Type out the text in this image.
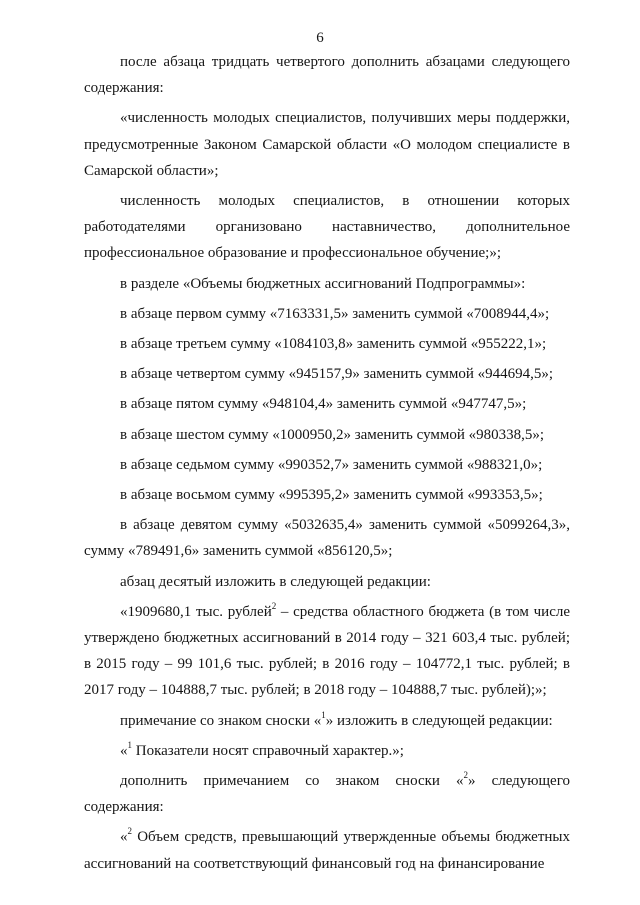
6

после абзаца тридцать четвертого дополнить абзацами следующего содержания:

«численность молодых специалистов, получивших меры поддержки, предусмотренные Законом Самарской области «О молодом специалисте в Самарской области»;

численность молодых специалистов, в отношении которых работодателями организовано наставничество, дополнительное профессиональное образование и профессиональное обучение;»;

в разделе «Объемы бюджетных ассигнований Подпрограммы»:

в абзаце первом сумму «7163331,5» заменить суммой «7008944,4»;

в абзаце третьем сумму «1084103,8» заменить суммой «955222,1»;

в абзаце четвертом сумму «945157,9» заменить суммой «944694,5»;

в абзаце пятом сумму «948104,4» заменить суммой «947747,5»;

в абзаце шестом сумму «1000950,2» заменить суммой «980338,5»;

в абзаце седьмом сумму «990352,7» заменить суммой «988321,0»;

в абзаце восьмом сумму «995395,2» заменить суммой «993353,5»;

в абзаце девятом сумму «5032635,4» заменить суммой «5099264,3», сумму «789491,6» заменить суммой «856120,5»;

абзац десятый изложить в следующей редакции:

«1909680,1 тыс. рублей$^2$ – средства областного бюджета (в том числе утверждено бюджетных ассигнований в 2014 году – 321 603,4 тыс. рублей; в 2015 году – 99 101,6 тыс. рублей; в 2016 году – 104772,1 тыс. рублей; в 2017 году – 104888,7 тыс. рублей; в 2018 году – 104888,7 тыс. рублей);»;

примечание со знаком сноски «$^1$» изложить в следующей редакции:

«$^1$ Показатели носят справочный характер.»;

дополнить примечанием со знаком сноски «$^2$» следующего содержания:

«$^2$ Объем средств, превышающий утвержденные объемы бюджетных ассигнований на соответствующий финансовый год на финансирование
